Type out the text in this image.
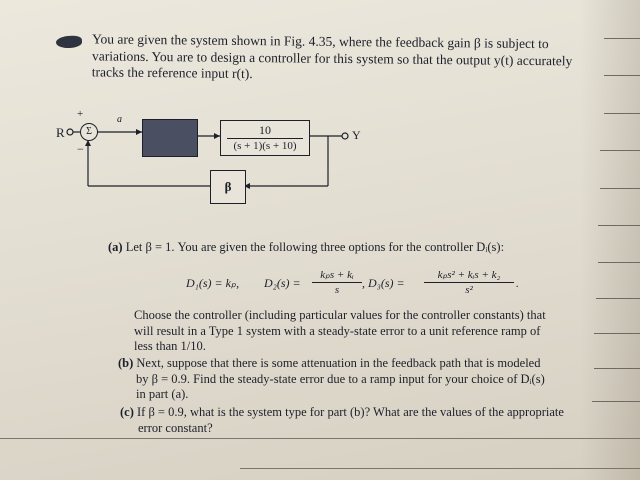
You are given the system shown in Fig. 4.35, where the feedback gain β is subject to
variations. You are to design a controller for this system so that the output y(t) accurately
tracks the reference input r(t).
R
+
−
Σ
a
10
(s + 1)(s + 10)
Y
β
(a) Let β = 1. You are given the following three options for the controller Dᵢ(s):
D₁(s) = kₚ, D₂(s) =
kₚs + kᵢ
s	, D₃(s) =
kₚs² + kᵢs + k₂
s²	.
Choose the controller (including particular values for the controller constants) that
will result in a Type 1 system with a steady-state error to a unit reference ramp of
less than 1/10.
(b) Next, suppose that there is some attenuation in the feedback path that is modeled
by β = 0.9. Find the steady-state error due to a ramp input for your choice of Dᵢ(s)
in part (a).
(c) If β = 0.9, what is the system type for part (b)? What are the values of the appropriate
error constant?
